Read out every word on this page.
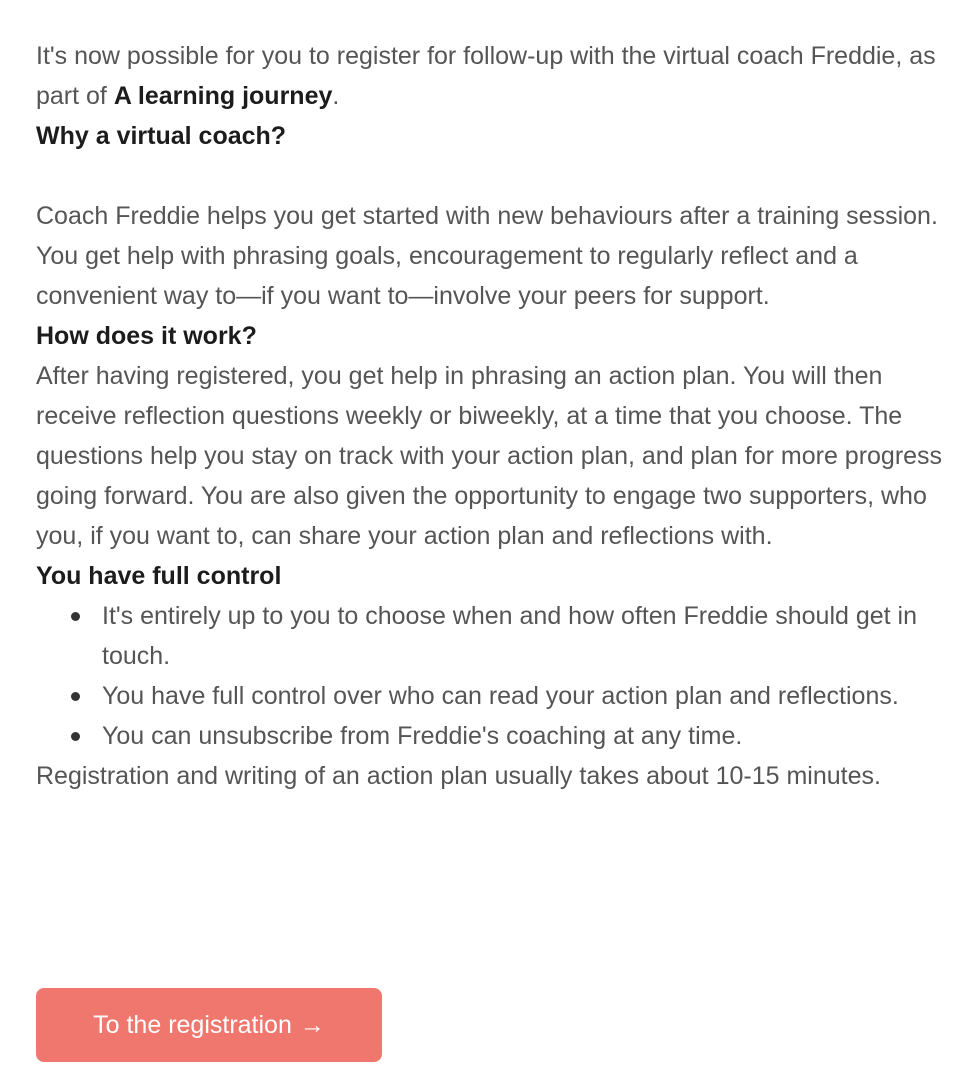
It's now possible for you to register for follow-up with the virtual coach Freddie, as part of A learning journey.

Why a virtual coach?

Coach Freddie helps you get started with new behaviours after a training session. You get help with phrasing goals, encouragement to regularly reflect and a convenient way to—if you want to—involve your peers for support.

How does it work?

After having registered, you get help in phrasing an action plan. You will then receive reflection questions weekly or biweekly, at a time that you choose. The questions help you stay on track with your action plan, and plan for more progress going forward. You are also given the opportunity to engage two supporters, who you, if you want to, can share your action plan and reflections with.

You have full control
It's entirely up to you to choose when and how often Freddie should get in touch.
You have full control over who can read your action plan and reflections.
You can unsubscribe from Freddie's coaching at any time.

Registration and writing of an action plan usually takes about 10-15 minutes.

To the registration →
